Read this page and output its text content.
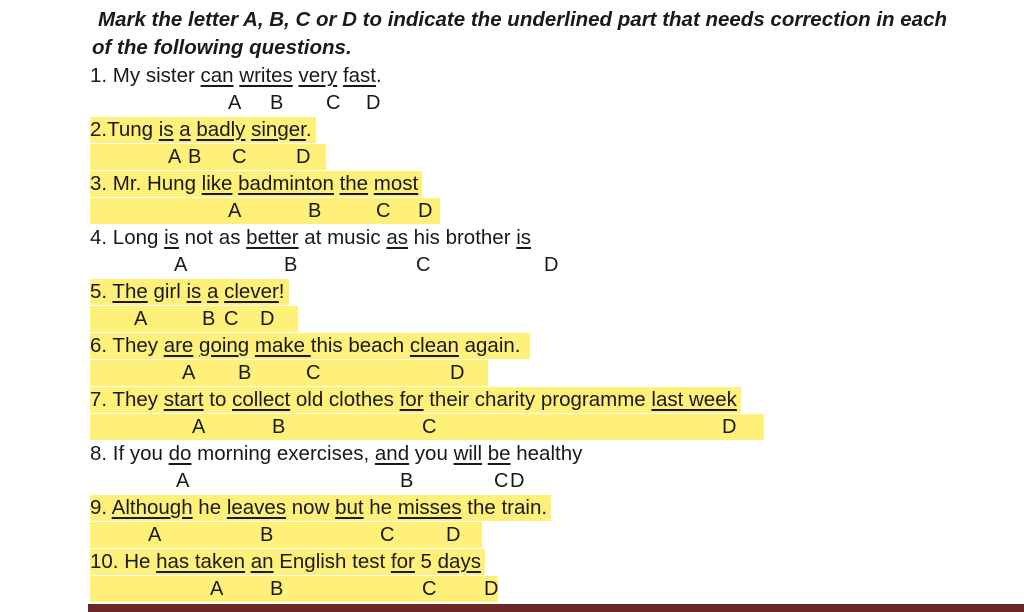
Mark the letter A, B, C or D to indicate the underlined part that needs correction in each
of the following questions.
1. My sister can writes very fast.
A B C D
2.Tung is a badly singer.
A B C D
3. Mr. Hung like badminton the most
A	B	C D
4. Long is not as better at music as his brother is
A	B	C	D
5. The girl is a clever!
A	B C D
6. They are going make this beach clean again.
A B	C	D
7. They start to collect old clothes for their charity programme last week
A	B	C	D
8. If you do morning exercises, and you will be healthy
A	B	C D
9. Although he leaves now but he misses the train.
A	B	C	D
10. He has taken an English test for 5 days
A B	C D
